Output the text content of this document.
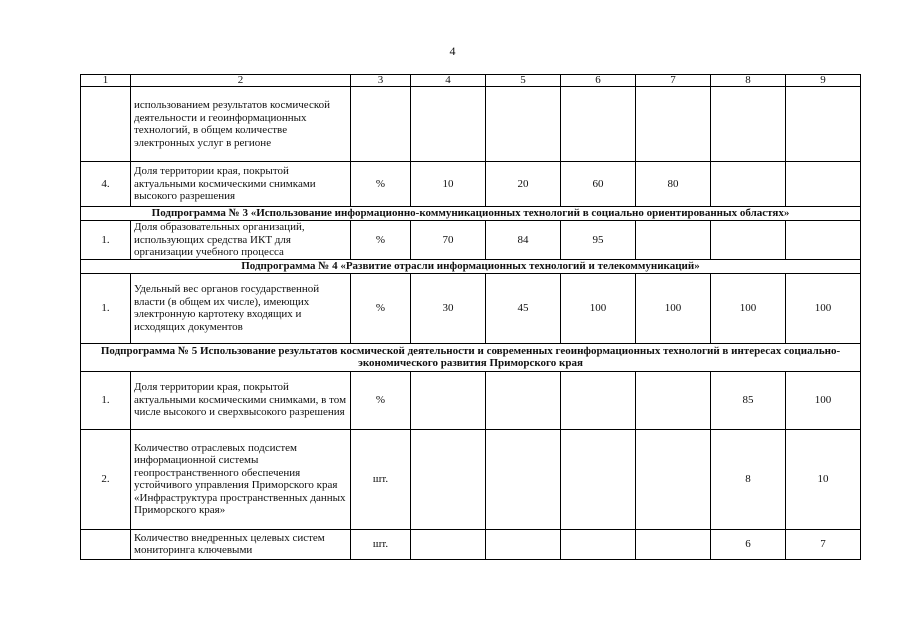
4
1	2	3	4	5	6	7	8	9
	использованием результатов космической деятельности и геоинформационных технологий, в общем количестве электронных услуг в регионе							
4.	Доля территории края, покрытой актуальными космическими снимками высокого разрешения	%	10	20	60	80		
Подпрограмма № 3 «Использование информационно-коммуникационных технологий в социально ориентированных областях»								
1.	Доля образовательных организаций, использующих средства ИКТ для организации учебного процесса	%	70	84	95			
Подпрограмма № 4 «Развитие отрасли информационных технологий и телекоммуникаций»								
1.	Удельный вес органов государственной власти (в общем их числе), имеющих электронную картотеку входящих и исходящих документов	%	30	45	100	100	100	100
Подпрограмма № 5 Использование результатов космической деятельности и современных геоинформационных технологий в интересах социально-экономического развития Приморского края								
1.	Доля территории края, покрытой актуальными космическими снимками, в том числе высокого и сверхвысокого разрешения	%					85	100
2.	Количество отраслевых подсистем информационной системы геопространственного обеспечения устойчивого управления Приморского края «Инфраструктура пространственных данных Приморского края»	шт.					8	10
	Количество внедренных целевых систем мониторинга ключевыми	шт.					6	7
